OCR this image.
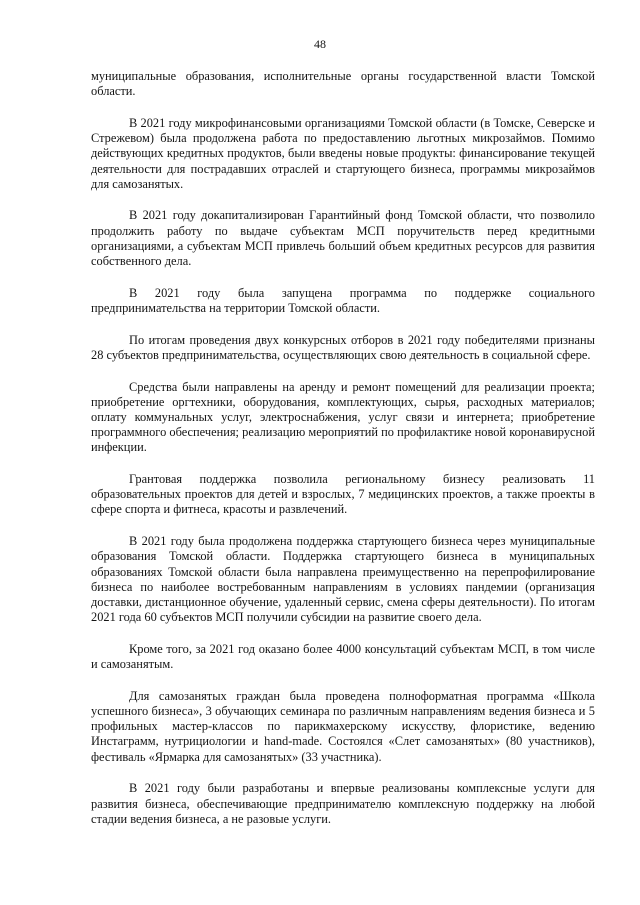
48

муниципальные образования, исполнительные органы государственной власти Томской области.

В 2021 году микрофинансовыми организациями Томской области (в Томске, Северске и Стрежевом) была продолжена работа по предоставлению льготных микрозаймов. Помимо действующих кредитных продуктов, были введены новые продукты: финансирование текущей деятельности для пострадавших отраслей и стартующего бизнеса, программы микрозаймов для самозанятых.

В 2021 году докапитализирован Гарантийный фонд Томской области, что позволило продолжить работу по выдаче субъектам МСП поручительств перед кредитными организациями, а субъектам МСП привлечь больший объем кредитных ресурсов для развития собственного дела.

В 2021 году была запущена программа по поддержке социального предпринимательства на территории Томской области.

По итогам проведения двух конкурсных отборов в 2021 году победителями признаны 28 субъектов предпринимательства, осуществляющих свою деятельность в социальной сфере.

Средства были направлены на аренду и ремонт помещений для реализации проекта; приобретение оргтехники, оборудования, комплектующих, сырья, расходных материалов; оплату коммунальных услуг, электроснабжения, услуг связи и интернета; приобретение программного обеспечения; реализацию мероприятий по профилактике новой коронавирусной инфекции.

Грантовая поддержка позволила региональному бизнесу реализовать 11 образовательных проектов для детей и взрослых, 7 медицинских проектов, а также проекты в сфере спорта и фитнеса, красоты и развлечений.

В 2021 году была продолжена поддержка стартующего бизнеса через муниципальные образования Томской области. Поддержка стартующего бизнеса в муниципальных образованиях Томской области была направлена преимущественно на перепрофилирование бизнеса по наиболее востребованным направлениям в условиях пандемии (организация доставки, дистанционное обучение, удаленный сервис, смена сферы деятельности). По итогам 2021 года 60 субъектов МСП получили субсидии на развитие своего дела.

Кроме того, за 2021 год оказано более 4000 консультаций субъектам МСП, в том числе и самозанятым.

Для самозанятых граждан была проведена полноформатная программа «Школа успешного бизнеса», 3 обучающих семинара по различным направлениям ведения бизнеса и 5 профильных мастер-классов по парикмахерскому искусству, флористике, ведению Инстаграмм, нутрициологии и hand-made. Состоялся «Слет самозанятых» (80 участников), фестиваль «Ярмарка для самозанятых» (33 участника).

В 2021 году были разработаны и впервые реализованы комплексные услуги для развития бизнеса, обеспечивающие предпринимателю комплексную поддержку на любой стадии ведения бизнеса, а не разовые услуги.
